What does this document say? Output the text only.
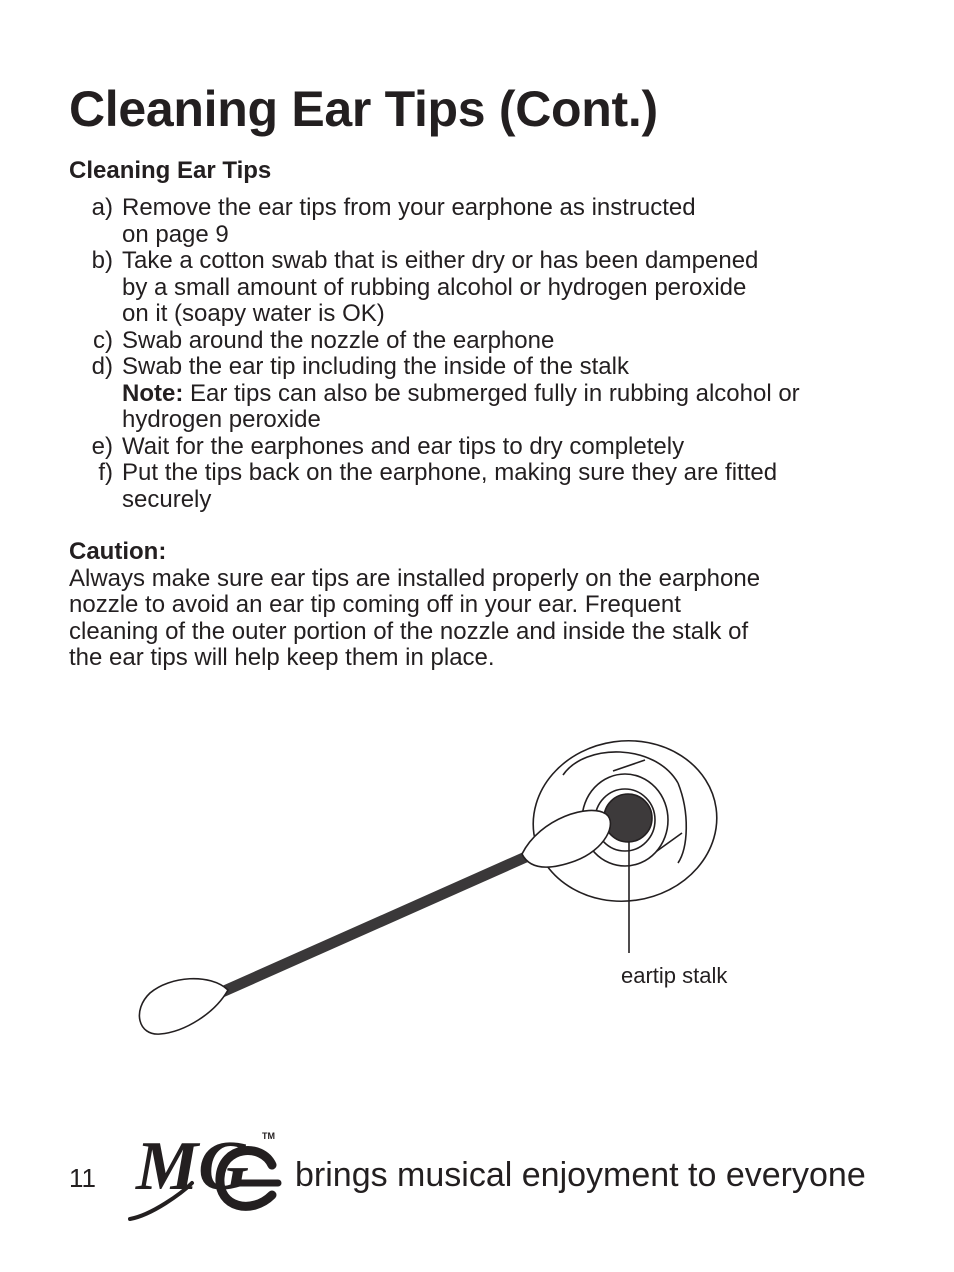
Cleaning Ear Tips (Cont.)
Cleaning Ear Tips
a) Remove the ear tips from your earphone as instructed
on page 9
b) Take a cotton swab that is either dry or has been dampened
by a small amount of rubbing alcohol or hydrogen peroxide
on it (soapy water is OK)
c) Swab around the nozzle of the earphone
d) Swab the ear tip including the inside of the stalk
Note: Ear tips can also be submerged fully in rubbing alcohol or
hydrogen peroxide
e) Wait for the earphones and ear tips to dry completely
f) Put the tips back on the earphone, making sure they are fitted
securely
Caution:
Always make sure ear tips are installed properly on the earphone
nozzle to avoid an ear tip coming off in your ear. Frequent
cleaning of the outer portion of the nozzle and inside the stalk of
the ear tips will help keep them in place.
eartip stalk
11 MG TM
brings musical enjoyment to everyone
